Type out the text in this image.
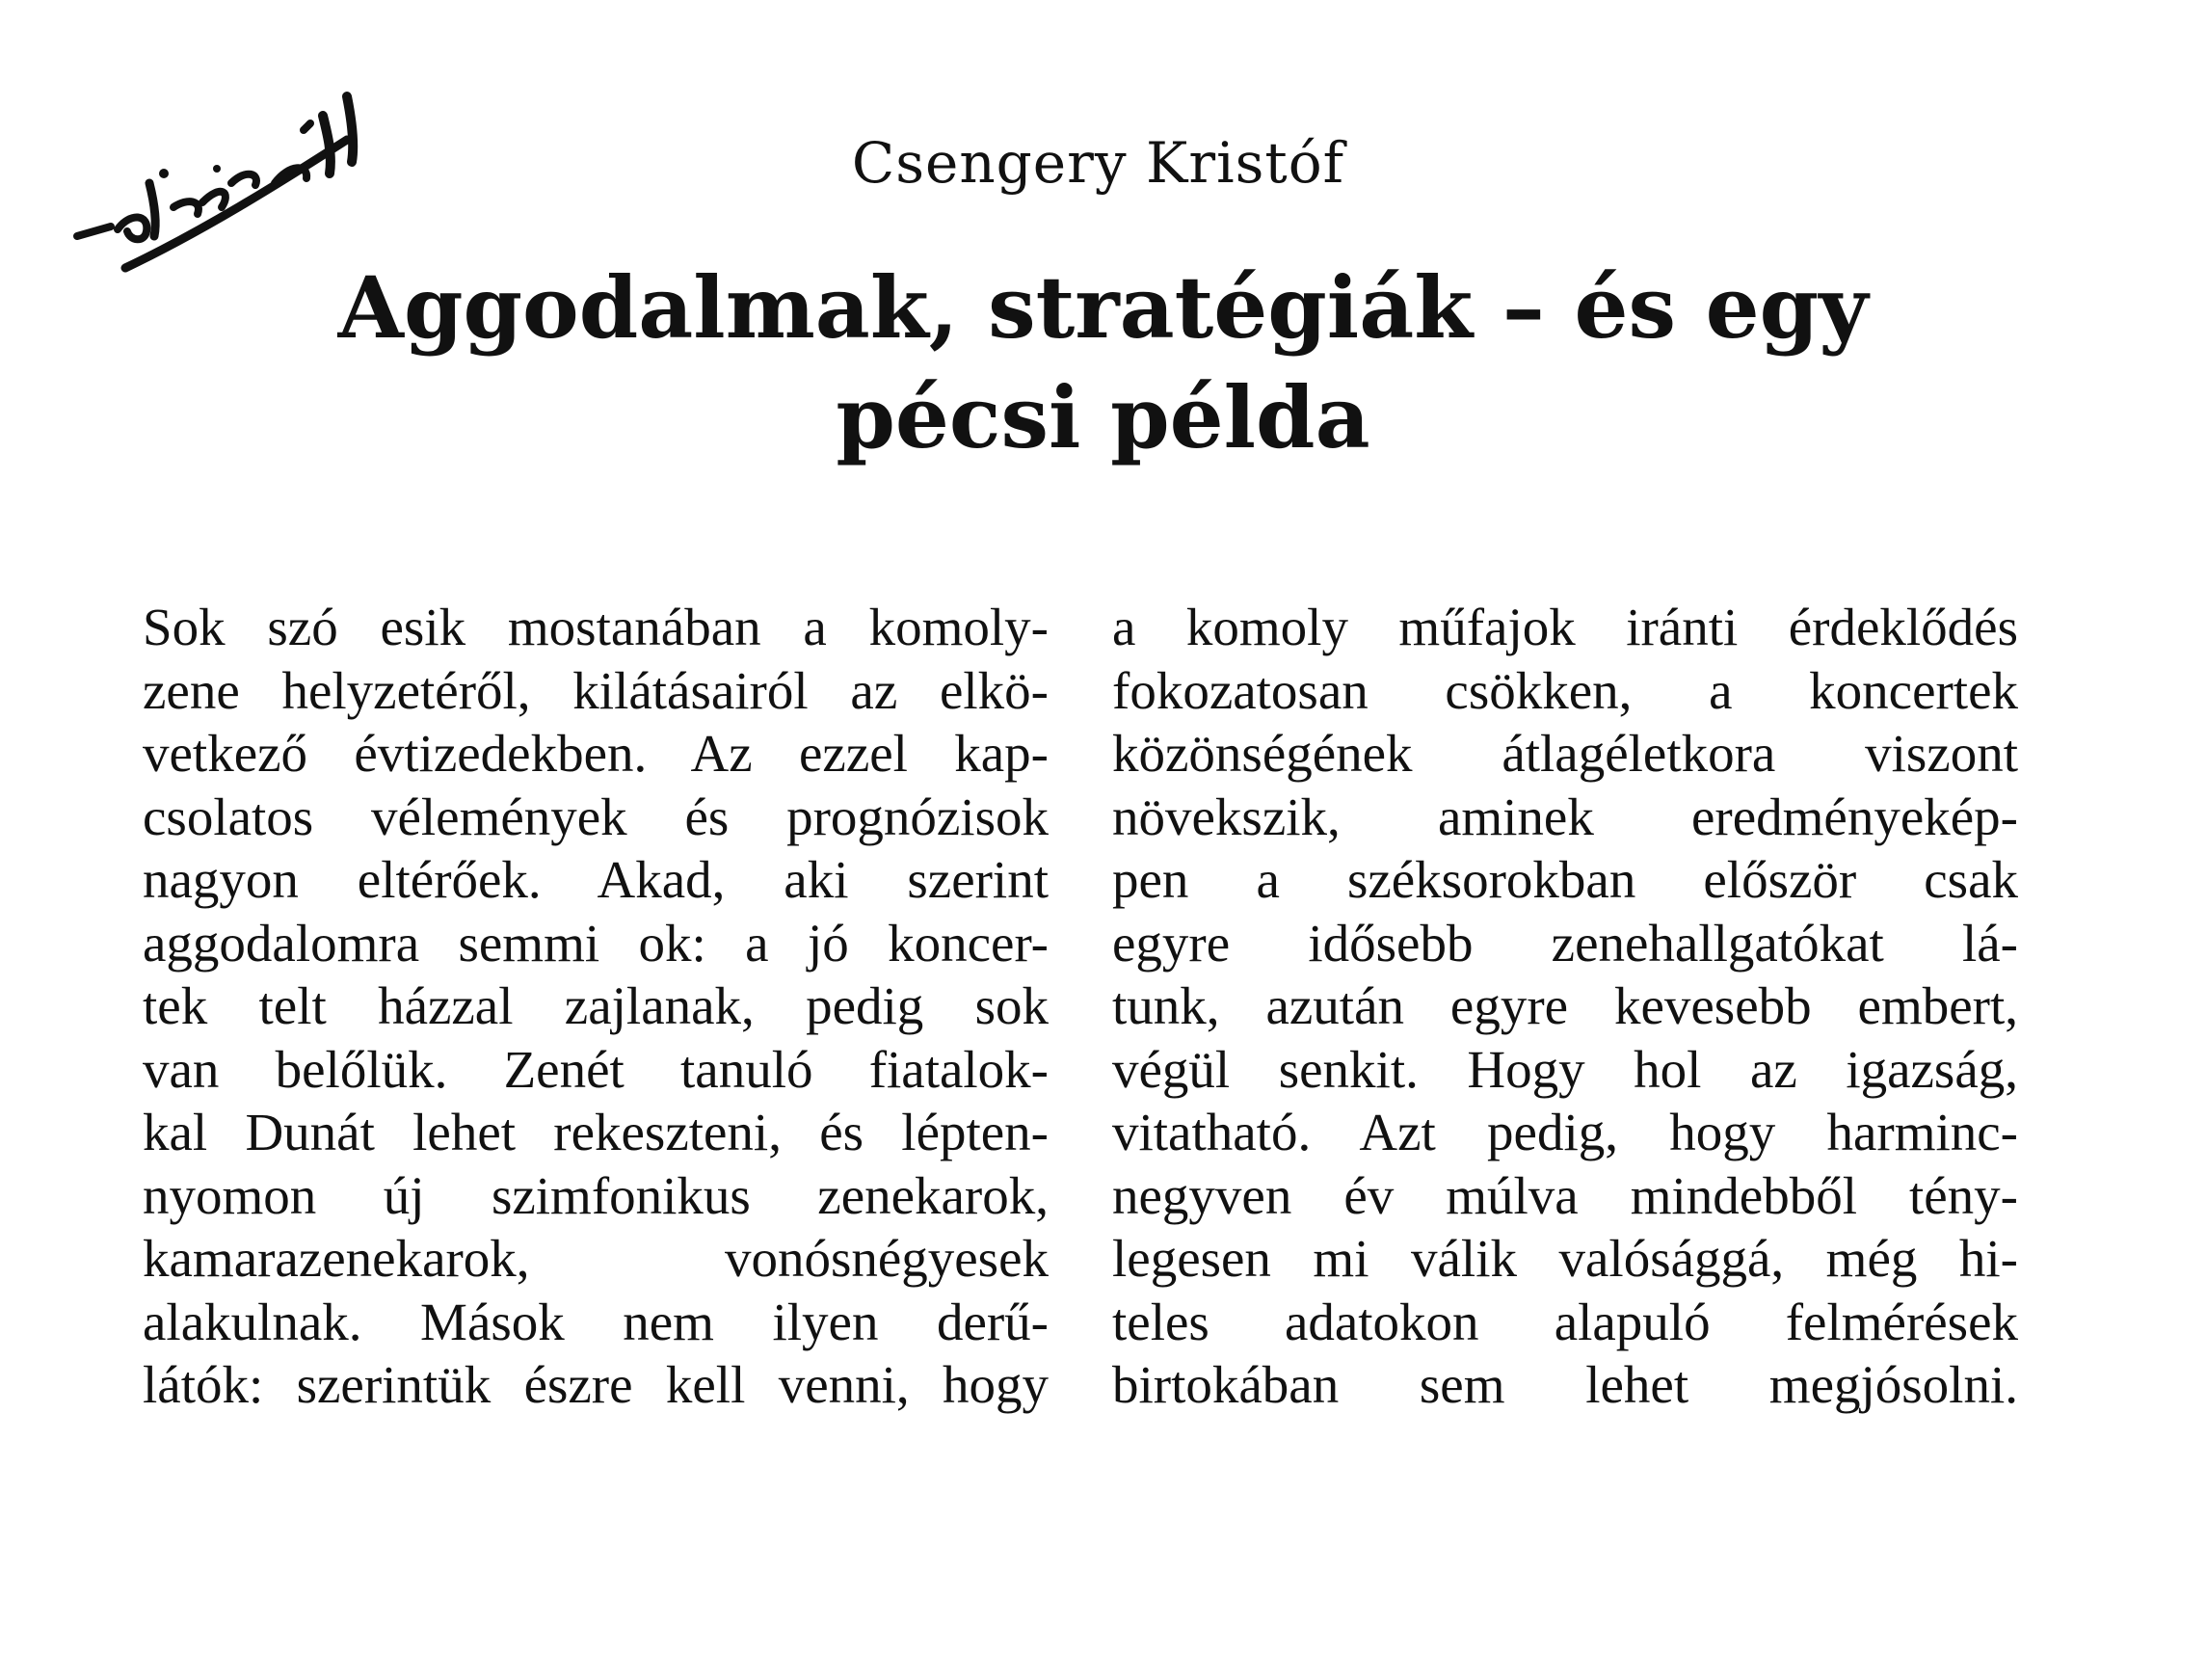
Csengery Kristóf
Aggodalmak, stratégiák – és egy
pécsi példa
Sok szó esik mostanában a komoly-
zene helyzetéről, kilátásairól az elkö-
vetkező évtizedekben. Az ezzel kap-
csolatos vélemények és prognózisok
nagyon eltérőek. Akad, aki szerint
aggodalomra semmi ok: a jó koncer-
tek telt házzal zajlanak, pedig sok
van belőlük. Zenét tanuló fiatalok-
kal Dunát lehet rekeszteni, és lépten-
nyomon új szimfonikus zenekarok,
kamarazenekarok, vonósnégyesek
alakulnak. Mások nem ilyen derű-
látók: szerintük észre kell venni, hogy
a komoly műfajok iránti érdeklődés
fokozatosan csökken, a koncertek
közönségének átlagéletkora viszont
növekszik, aminek eredményekép-
pen a széksorokban először csak
egyre idősebb zenehallgatókat lá-
tunk, azután egyre kevesebb embert,
végül senkit. Hogy hol az igazság,
vitatható. Azt pedig, hogy harminc-
negyven év múlva mindebből tény-
legesen mi válik valósággá, még hi-
teles adatokon alapuló felmérések
birtokában sem lehet megjósolni.
